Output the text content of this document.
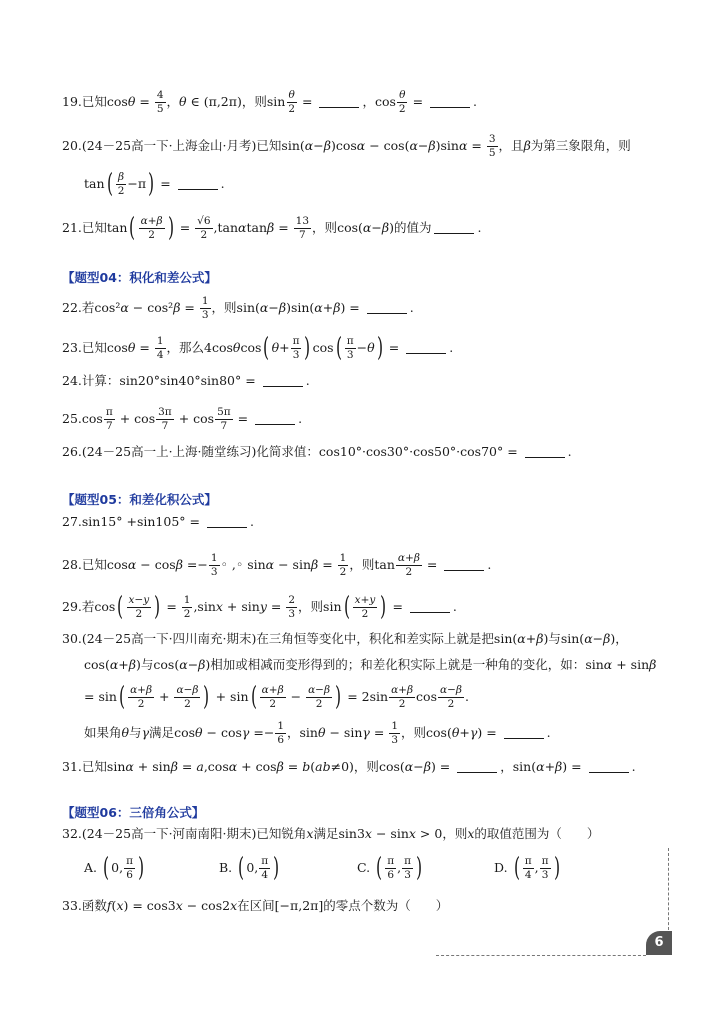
19.已知$\cos\theta = \frac{4}{5}$ ，θ ∈ (π,2π)，则$\sin \frac{\theta}{2}$ =	，$\cos \frac{\theta}{2}$ =	.
20.(24－25高一下·上海金山·月考)已知$\sin(\alpha-\beta)\cos\alpha - \cos(\alpha-\beta)\sin\alpha = \frac{3}{5}$ ，且β为第三象限角，则
$\tan( \frac{\beta}{2} -\pi)$ =	.
21.已知$\tan( \frac{\alpha+\beta}{2}$ ) = $\frac{√6}{2} ,\tan\alpha\tan\beta = \frac{13}{7}$ ，则cos(α−β)的值为	.
【题型04：积化和差公式】
22.若$\cos^2\alpha - \cos^2\beta = \frac{1}{3}$ ，则sin(α−β)sin(α+β) =	.
23.已知$\cos\theta = \frac{1}{4}$ ，那么4cosθcos( $\theta+ \frac{\pi}{3}$ ) $\cos( \frac{\pi}{3} -\theta)$ =	.
24.计算：sin20°sin40°sin80° =	.
$25.\cos \frac{\pi}{7} + \cos \frac{3\pi}{7} + \cos \frac{5\pi}{7}$ =	.
26.(24－25高一上·上海·随堂练习)化简求值：cos10°·cos30°·cos50°·cos70° =	.
【题型05：和差化积公式】
27.sin15° +sin105° =	.
28.已知$\cos\alpha - \cos\beta =- \frac{1}{3}$ ◦ ,◦ $\sin\alpha - \sin\beta = \frac{1}{2}$ ，则$\tan \frac{\alpha+\beta}{2}$ =	.
29.若$\cos( \frac{x-y}{2}$ ) = $\frac{1}{2} ,\sin x + \sin y = \frac{2}{3}$ ，则$\sin( \frac{x+y}{2}$ ) =	.
30.(24－25高一下·四川南充·期末)在三角恒等变化中，积化和差实际上就是把sin(α+β)与sin(α−β)，
cos(α+β)与cos(α−β)相加或相减而变形得到的；和差化积实际上就是一种角的变化，如：sinα + sinβ
= $\sin( \frac{\alpha+\beta}{2} + \frac{\alpha-\beta}{2}$ ) + $\sin( \frac{\alpha+\beta}{2} - \frac{\alpha-\beta}{2}$ ) = $2\sin \frac{\alpha+\beta}{2}$ $\cos \frac{\alpha-\beta}{2}$ .
如果角θ与γ满足$\cos\theta - \cos\gamma =- \frac{1}{6}$ ，$\sin\theta - \sin\gamma = \frac{1}{3}$ ，则cos(θ+γ) =	.
31.已知sinα + sinβ = a,cosα + cosβ = b(ab≠0)，则cos(α−β) =	，sin(α+β) =	.
【题型06：三倍角公式】
32.(24－25高一下·河南南阳·期末)已知锐角x满足sin3x − sinx > 0，则x的取值范围为（　　）
A. ( 0, $\frac{\pi}{6}$ )	B. ( 0, $\frac{\pi}{4}$ )	C. ( $\frac{\pi}{6}$ , $\frac{\pi}{3}$ )	D. ( $\frac{\pi}{4}$ , $\frac{\pi}{3}$ )
33.函数f(x) = cos3x − cos2x在区间[−π,2π]的零点个数为（　　）
6
